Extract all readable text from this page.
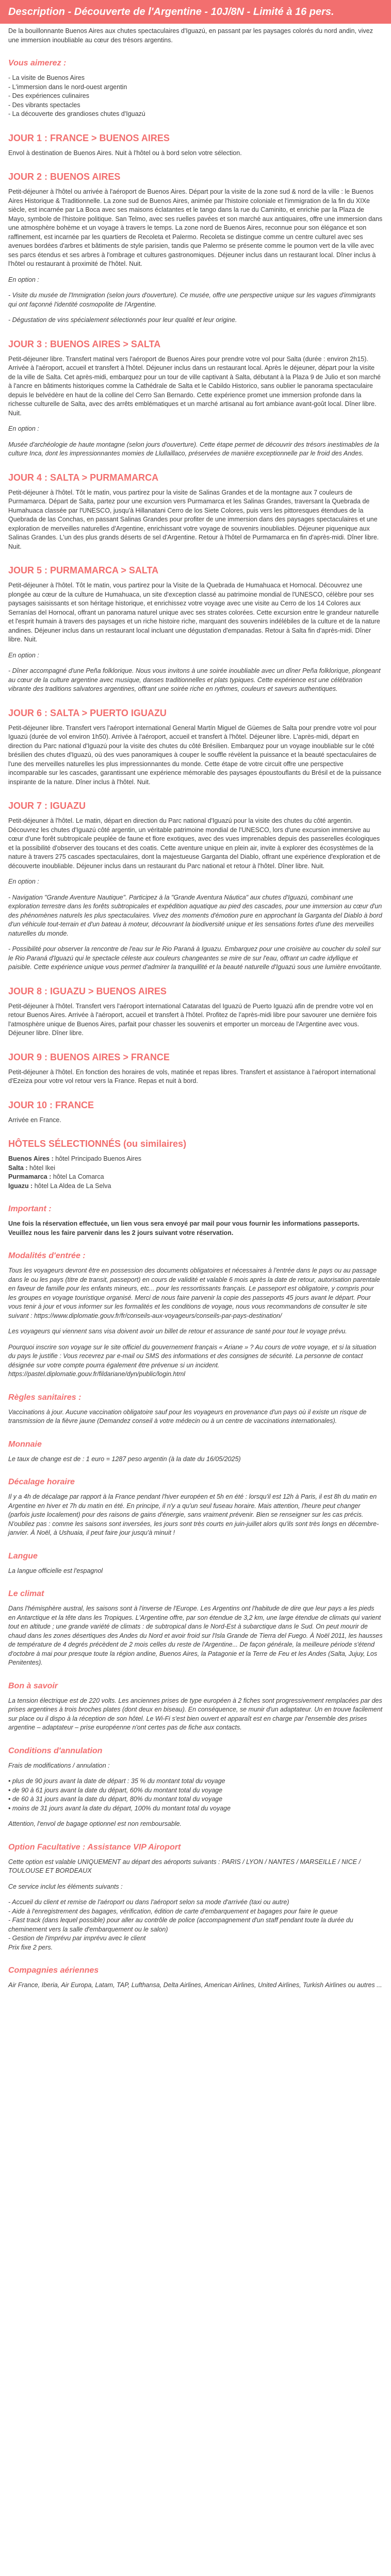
Description - Découverte de l'Argentine - 10J/8N - Limité à 16 pers.

De la bouillonnante Buenos Aires aux chutes spectaculaires d'Iguazú, en passant par les paysages colorés du nord andin, vivez une immersion inoubliable au cœur des trésors argentins.

Vous aimerez :

- La visite de Buenos Aires

- L'immersion dans le nord-ouest argentin

- Des expériences culinaires

- Des vibrants spectacles

- La découverte des grandioses chutes d'Iguazú

JOUR 1 : FRANCE > BUENOS AIRES

Envol à destination de Buenos Aires. Nuit à l'hôtel ou à bord selon votre sélection.

JOUR 2 : BUENOS AIRES

Petit-déjeuner à l'hôtel ou arrivée à l'aéroport de Buenos Aires. Départ pour la visite de la zone sud & nord de la ville : le Buenos Aires Historique & Traditionnelle. La zone sud de Buenos Aires, animée par l'histoire coloniale et l'immigration de la fin du XIXe siècle, est incarnée par La Boca avec ses maisons éclatantes et le tango dans la rue du Caminito, et enrichie par la Plaza de Mayo, symbole de l'histoire politique. San Telmo, avec ses ruelles pavées et son marché aux antiquaires, offre une immersion dans une atmosphère bohème et un voyage à travers le temps. La zone nord de Buenos Aires, reconnue pour son élégance et son raffinement, est incarnée par les quartiers de Recoleta et Palermo. Recoleta se distingue comme un centre culturel avec ses avenues bordées d'arbres et bâtiments de style parisien, tandis que Palermo se présente comme le poumon vert de la ville avec ses parcs étendus et ses arbres à l'ombrage et cultures gastronomiques. Déjeuner inclus dans un restaurant local. Dîner inclus à l'hôtel ou restaurant à proximité de l'hôtel. Nuit.

En option :

- Visite du musée de l'Immigration (selon jours d'ouverture). Ce musée, offre une perspective unique sur les vagues d'immigrants qui ont façonné l'identité cosmopolite de l'Argentine.

- Dégustation de vins spécialement sélectionnés pour leur qualité et leur origine.

JOUR 3 : BUENOS AIRES > SALTA

Petit-déjeuner libre. Transfert matinal vers l'aéroport de Buenos Aires pour prendre votre vol pour Salta (durée : environ 2h15). Arrivée à l'aéroport, accueil et transfert à l'hôtel. Déjeuner inclus dans un restaurant local. Après le déjeuner, départ pour la visite de la ville de Salta. Cet après-midi, embarquez pour un tour de ville captivant à Salta, débutant à la Plaza 9 de Julio et son marché à l'ancre en bâtiments historiques comme la Cathédrale de Salta et le Cabildo Historico, sans oublier le panorama spectaculaire depuis le belvédère en haut de la colline del Cerro San Bernardo. Cette expérience promet une immersion profonde dans la richesse culturelle de Salta, avec des arrêts emblématiques et un marché artisanal au fort ambiance avant-goût local. Dîner libre. Nuit.

En option :

Musée d'archéologie de haute montagne (selon jours d'ouverture). Cette étape permet de découvrir des trésors inestimables de la culture Inca, dont les impressionnantes momies de Llullaillaco, préservées de manière exceptionnelle par le froid des Andes.

JOUR 4 : SALTA > PURMAMARCA

Petit-déjeuner à l'hôtel. Tôt le matin, vous partirez pour la visite de Salinas Grandes et de la montagne aux 7 couleurs de Purmamarca. Départ de Salta, partez pour une excursion vers Purmamarca et les Salinas Grandes, traversant la Quebrada de Humahuaca classée par l'UNESCO, jusqu'à Hillanatani Cerro de los Siete Colores, puis vers les pittoresques étendues de la Quebrada de las Conchas, en passant Salinas Grandes pour profiter de une immersion dans des paysages spectaculaires et une exploration de merveilles naturelles d'Argentine, enrichissant votre voyage de souvenirs inoubliables. Déjeuner piquenique aux Salinas Grandes. L'un des plus grands déserts de sel d'Argentine. Retour à l'hôtel de Purmamarca en fin d'après-midi. Dîner libre. Nuit.

JOUR 5 : PURMAMARCA > SALTA

Petit-déjeuner à l'hôtel. Tôt le matin, vous partirez pour la Visite de la Quebrada de Humahuaca et Hornocal. Découvrez une plongée au cœur de la culture de Humahuaca, un site d'exception classé au patrimoine mondial de l'UNESCO, célèbre pour ses paysages saisissants et son héritage historique, et enrichissez votre voyage avec une visite au Cerro de los 14 Colores aux Serranías del Hornocal, offrant un panorama naturel unique avec ses strates colorées. Cette excursion entre le grandeur naturelle et l'esprit humain à travers des paysages et un riche histoire riche, marquant des souvenirs indélébiles de la culture et de la nature andines. Déjeuner inclus dans un restaurant local incluant une dégustation d'empanadas. Retour à Salta fin d'après-midi. Dîner libre. Nuit.

En option :

- Dîner accompagné d'une Peña folklorique. Nous vous invitons à une soirée inoubliable avec un dîner Peña folklorique, plongeant au cœur de la culture argentine avec musique, danses traditionnelles et plats typiques. Cette expérience est une célébration vibrante des traditions salvatores argentines, offrant une soirée riche en rythmes, couleurs et saveurs authentiques.

JOUR 6 : SALTA > PUERTO IGUAZU

Petit-déjeuner libre. Transfert vers l'aéroport international General Martín Miguel de Güemes de Salta pour prendre votre vol pour Iguazú (durée de vol environ 1h50). Arrivée à l'aéroport, accueil et transfert à l'hôtel. Déjeuner libre. L'après-midi, départ en direction du Parc national d'Iguazú pour la visite des chutes du côté Brésilien. Embarquez pour un voyage inoubliable sur le côté brésilien des chutes d'Iguazú, où des vues panoramiques à couper le souffle révèlent la puissance et la beauté spectaculaires de l'une des merveilles naturelles les plus impressionnantes du monde. Cette étape de votre circuit offre une perspective incomparable sur les cascades, garantissant une expérience mémorable des paysages époustouflants du Brésil et de la puissance inspirante de la nature. Dîner inclus à l'hôtel. Nuit.

JOUR 7 : IGUAZU

Petit-déjeuner à l'hôtel. Le matin, départ en direction du Parc national d'Iguazú pour la visite des chutes du côté argentin. Découvrez les chutes d'Iguazú côté argentin, un véritable patrimoine mondial de l'UNESCO, lors d'une excursion immersive au cœur d'une forêt subtropicale peuplée de faune et flore exotiques, avec des vues imprenables depuis des passerelles écologiques et la possibilité d'observer des toucans et des coatis. Cette aventure unique en plein air, invite à explorer des écosystèmes de la nature à travers 275 cascades spectaculaires, dont la majestueuse Garganta del Diablo, offrant une expérience d'exploration et de découverte inoubliable. Déjeuner inclus dans un restaurant du Parc national et retour à l'hôtel. Dîner libre. Nuit.

En option :

- Navigation "Grande Aventure Nautique". Participez à la "Grande Aventura Náutica" aux chutes d'Iguazú, combinant une exploration terrestre dans les forêts subtropicales et expédition aquatique au pied des cascades, pour une immersion au cœur d'un des phénomènes naturels les plus spectaculaires. Vivez des moments d'émotion pure en approchant la Garganta del Diablo à bord d'un véhicule tout-terrain et d'un bateau à moteur, découvrant la biodiversité unique et les sensations fortes d'une des merveilles naturelles du monde.

- Possibilité pour observer la rencontre de l'eau sur le Rio Paraná à Iguazu. Embarquez pour une croisière au coucher du soleil sur le Rio Paraná d'Iguazú qui le spectacle céleste aux couleurs changeantes se mire de sur l'eau, offrant un cadre idyllique et paisible. Cette expérience unique vous permet d'admirer la tranquillité et la beauté naturelle d'Iguazú sous une lumière envoûtante.

JOUR 8 : IGUAZU > BUENOS AIRES

Petit-déjeuner à l'hôtel. Transfert vers l'aéroport international Cataratas del Iguazú de Puerto Iguazú afin de prendre votre vol en retour Buenos Aires. Arrivée à l'aéroport, accueil et transfert à l'hôtel. Profitez de l'après-midi libre pour savourer une dernière fois l'atmosphère unique de Buenos Aires, parfait pour chasser les souvenirs et emporter un morceau de l'Argentine avec vous. Déjeuner libre. Dîner libre.

JOUR 9 : BUENOS AIRES > FRANCE

Petit-déjeuner à l'hôtel. En fonction des horaires de vols, matinée et repas libres. Transfert et assistance à l'aéroport international d'Ezeiza pour votre vol retour vers la France. Repas et nuit à bord.

JOUR 10 : FRANCE

Arrivée en France.

HÔTELS SÉLECTIONNÉS (ou similaires)

Buenos Aires : hôtel Principado Buenos Aires

Salta : hôtel Ikei

Purmamarca : hôtel La Comarca

Iguazu : hôtel La Aldea de La Selva

Important :

Une fois la réservation effectuée, un lien vous sera envoyé par mail pour vous fournir les informations passeports. Veuillez nous les faire parvenir dans les 2 jours suivant votre réservation.

Modalités d'entrée :

Tous les voyageurs devront être en possession des documents obligatoires et nécessaires à l'entrée dans le pays ou au passage dans le ou les pays (titre de transit, passeport) en cours de validité et valable 6 mois après la date de retour, autorisation parentale en faveur de famille pour les enfants mineurs, etc... pour les ressortissants français. Le passeport est obligatoire, y compris pour les groupes en voyage touristique organisé. Merci de nous faire parvenir la copie des passeports 45 jours avant le départ. Pour vous tenir à jour et vous informer sur les formalités et les conditions de voyage, nous vous recommandons de consulter le site suivant : https://www.diplomatie.gouv.fr/fr/conseils-aux-voyageurs/conseils-par-pays-destination/

Les voyageurs qui viennent sans visa doivent avoir un billet de retour et assurance de santé pour tout le voyage prévu.

Pourquoi inscrire son voyage sur le site officiel du gouvernement français « Ariane » ? Au cours de votre voyage, et si la situation du pays le justifie : Vous recevrez par e-mail ou SMS des informations et des consignes de sécurité. La personne de contact désignée sur votre compte pourra également être prévenue si un incident. https://pastel.diplomatie.gouv.fr/fildariane/dyn/public/login.html

Règles sanitaires :

Vaccinations à jour. Aucune vaccination obligatoire sauf pour les voyageurs en provenance d'un pays où il existe un risque de transmission de la fièvre jaune (Demandez conseil à votre médecin ou à un centre de vaccinations internationales).

Monnaie

Le taux de change est de : 1 euro = 1287 peso argentin (à la date du 16/05/2025)

Décalage horaire

Il y a 4h de décalage par rapport à la France pendant l'hiver européen et 5h en été : lorsqu'il est 12h à Paris, il est 8h du matin en Argentine en hiver et 7h du matin en été. En principe, il n'y a qu'un seul fuseau horaire. Mais attention, l'heure peut changer (parfois juste localement) pour des raisons de gains d'énergie, sans vraiment prévenir. Bien se renseigner sur les cas précis. N'oubliez pas : comme les saisons sont inversées, les jours sont très courts en juin-juillet alors qu'ils sont très longs en décembre-janvier. À Noël, à Ushuaia, il peut faire jour jusqu'à minuit !

Langue

La langue officielle est l'espagnol

Le climat

Dans l'hémisphère austral, les saisons sont à l'inverse de l'Europe. Les Argentins ont l'habitude de dire que leur pays a les pieds en Antarctique et la tête dans les Tropiques. L'Argentine offre, par son étendue de 3,2 km, une large étendue de climats qui varient tout en altitude ; une grande variété de climats : de subtropical dans le Nord-Est à subarctique dans le Sud. On peut mourir de chaud dans les zones désertiques des Andes du Nord et avoir froid sur l'Isla Grande de Tierra del Fuego. À Noël 2011, les hausses de température de 4 degrés précèdent de 2 mois celles du reste de l'Argentine... De façon générale, la meilleure période s'étend d'octobre à mai pour presque toute la région andine, Buenos Aires, la Patagonie et la Terre de Feu et les Andes (Salta, Jujuy, Los Penitentes).

Bon à savoir

La tension électrique est de 220 volts. Les anciennes prises de type européen à 2 fiches sont progressivement remplacées par des prises argentines à trois broches plates (dont deux en biseau). En conséquence, se munir d'un adaptateur. Un en trouve facilement sur place ou il dispo à la réception de son hôtel. Le Wi-Fi s'est bien ouvert et apparaît est en charge par l'ensemble des prises argentine – adaptateur – prise européenne n'ont certes pas de fiche aux contacts.

Conditions d'annulation

Frais de modifications / annulation :

• plus de 90 jours avant la date de départ : 35 % du montant total du voyage

• de 90 à 61 jours avant la date du départ, 60% du montant total du voyage

• de 60 à 31 jours avant la date du départ, 80% du montant total du voyage

• moins de 31 jours avant la date du départ, 100% du montant total du voyage

Attention, l'envol de bagage optionnel est non remboursable.

Option Facultative : Assistance VIP Airoport

Cette option est valable UNIQUEMENT au départ des aéroports suivants : PARIS / LYON / NANTES / MARSEILLE / NICE / TOULOUSE ET BORDEAUX

Ce service inclut les éléments suivants :

- Accueil du client et remise de l'aéroport ou dans l'aéroport selon sa mode d'arrivée (taxi ou autre)

- Aide à l'enregistrement des bagages, vérification, édition de carte d'embarquement et bagages pour faire le queue

- Fast track (dans lequel possible) pour aller au contrôle de police (accompagnement d'un staff pendant toute la durée du cheminement vers la salle d'embarquement ou le salon)

- Gestion de l'imprévu par imprévu avec le client

Prix fixe 2 pers.

Compagnies aériennes

Air France, Iberia, Air Europa, Latam, TAP, Lufthansa, Delta Airlines, American Airlines, United Airlines, Turkish Airlines ou autres ...
